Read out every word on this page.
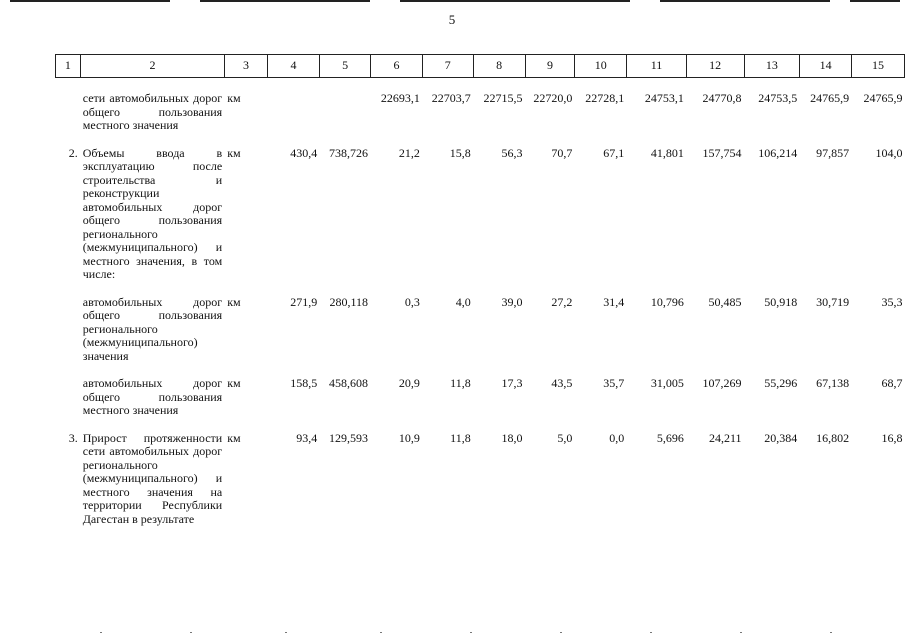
5
1	2	3	4	5	6	7	8	9	10	11	12	13	14	15

	сети автомобильных дорог общего пользования местного значения	км			22693,1	22703,7	22715,5	22720,0	22728,1	24753,1	24770,8	24753,5	24765,9	24765,9

2.	Объемы ввода в эксплуатацию после строительства и реконструкции автомобильных дорог общего пользования регионального (межмуниципального) и местного значения, в том числе:	км	430,4	738,726	21,2	15,8	56,3	70,7	67,1	41,801	157,754	106,214	97,857	104,0

	автомобильных дорог общего пользования регионального (межмуниципального) значения	км	271,9	280,118	0,3	4,0	39,0	27,2	31,4	10,796	50,485	50,918	30,719	35,3

	автомобильных дорог общего пользования местного значения	км	158,5	458,608	20,9	11,8	17,3	43,5	35,7	31,005	107,269	55,296	67,138	68,7

3.	Прирост протяженности сети автомобильных дорог регионального (межмуниципального) и местного значения на территории Республики Дагестан в результате	км	93,4	129,593	10,9	11,8	18,0	5,0	0,0	5,696	24,211	20,384	16,802	16,8
